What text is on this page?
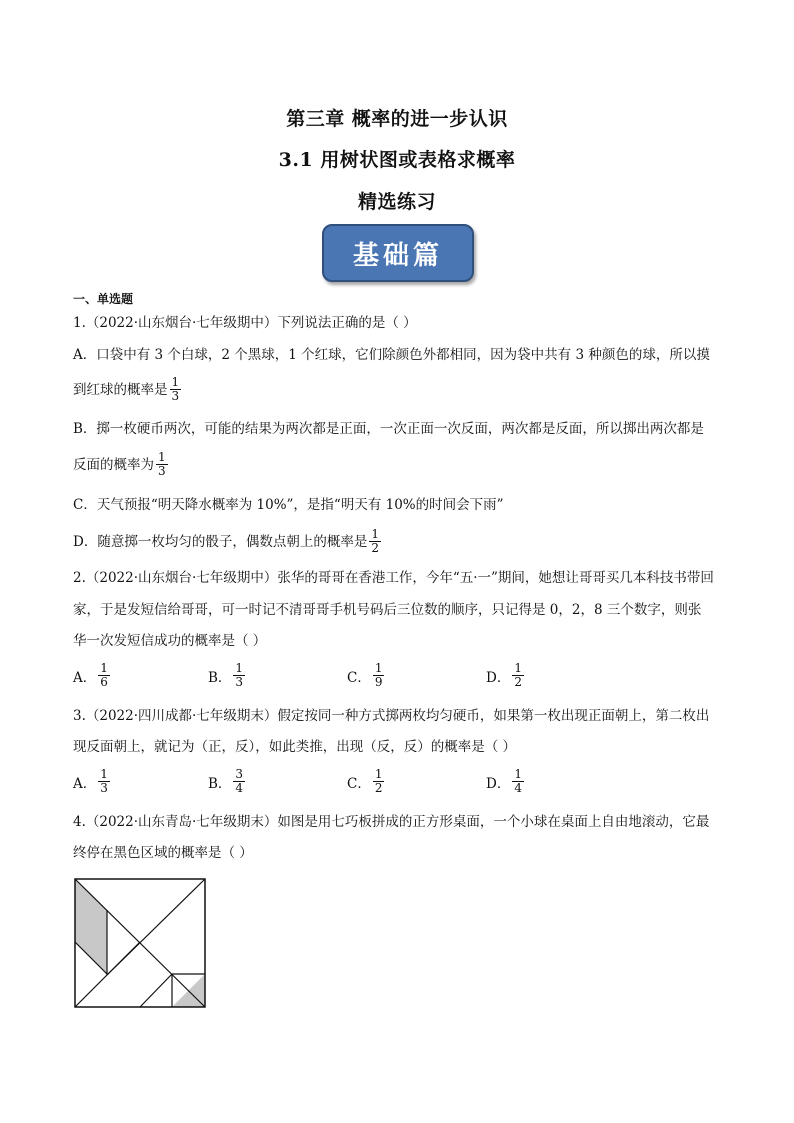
第三章 概率的进一步认识
3.1 用树状图或表格求概率
精选练习
基础篇
一、单选题
1.（2022·山东烟台·七年级期中）下列说法正确的是（ ）
A．口袋中有 3 个白球，2 个黑球，1 个红球，它们除颜色外都相同，因为袋中共有 3 种颜色的球，所以摸
到红球的概率是 $\frac{1}{3}$
B．掷一枚硬币两次，可能的结果为两次都是正面，一次正面一次反面，两次都是反面，所以掷出两次都是
反面的概率为 $\frac{1}{3}$
C．天气预报“明天降水概率为 10%”，是指“明天有 10%的时间会下雨”
D．随意掷一枚均匀的骰子，偶数点朝上的概率是 $\frac{1}{2}$
2.（2022·山东烟台·七年级期中）张华的哥哥在香港工作，今年“五·一”期间，她想让哥哥买几本科技书带回
家，于是发短信给哥哥，可一时记不清哥哥手机号码后三位数的顺序，只记得是 0，2，8 三个数字，则张
华一次发短信成功的概率是（ ）
A． $\frac{1}{6}$	B． $\frac{1}{3}$	C． $\frac{1}{9}$	D． $\frac{1}{2}$
3.（2022·四川成都·七年级期末）假定按同一种方式掷两枚均匀硬币，如果第一枚出现正面朝上，第二枚出
现反面朝上，就记为（正，反），如此类推，出现（反，反）的概率是（ ）
A． $\frac{1}{3}$	B． $\frac{3}{4}$	C． $\frac{1}{2}$	D． $\frac{1}{4}$
4.（2022·山东青岛·七年级期末）如图是用七巧板拼成的正方形桌面，一个小球在桌面上自由地滚动，它最
终停在黑色区域的概率是（ ）
